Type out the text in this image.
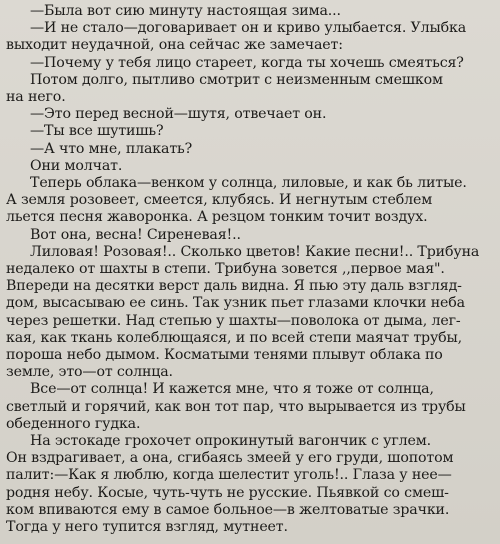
—Была вот сию минуту настоящая зима...

—И не стало—договаривает он и криво улыбается. Улыбка
выходит неудачной, она сейчас же замечает:

—Почему у тебя лицо стареет, когда ты хочешь смеяться?

Потом долго, пытливо смотрит с неизменным смешком
на него.

—Это перед весной—шутя, отвечает он.

—Ты все шутишь?

—А что мне, плакать?

Они молчат.

Теперь облака—венком у солнца, лиловые, и как бь литые.
А земля розовеет, смеется, клубясь. И негнутым стеблем
льется песня жаворонка. А резцом тонким точит воздух.

Вот она, весна! Сиреневая!..

Лиловая! Розовая!.. Сколько цветов! Какие песни!.. Трибуна
недалеко от шахты в степи. Трибуна зовется ,,первое мая".
Впереди на десятки верст даль видна. Я пью эту даль взгляд-
дом, высасываю ее синь. Так узник пьет глазами клочки неба
через решетки. Над степью у шахты—поволока от дыма, лег-
кая, как ткань колеблющаяся, и по всей степи маячат трубы,
пороша небо дымом. Косматыми тенями плывут облака по
земле, это—от солнца.

Все—от солнца! И кажется мне, что я тоже от солнца,
светлый и горячий, как вон тот пар, что вырывается из трубы
обеденного гудка.

На эстокаде грохочет опрокинутый вагончик с углем.
Он вздрагивает, а она, сгибаясь змеей у его груди, шопотом
палит:—Как я люблю, когда шелестит уголь!.. Глаза у нее—
родня небу. Косые, чуть-чуть не русские. Пьявкой со смеш-
ком впиваются ему в самое больное—в желтоватые зрачки.
Тогда у него тупится взгляд, мутнеет.
